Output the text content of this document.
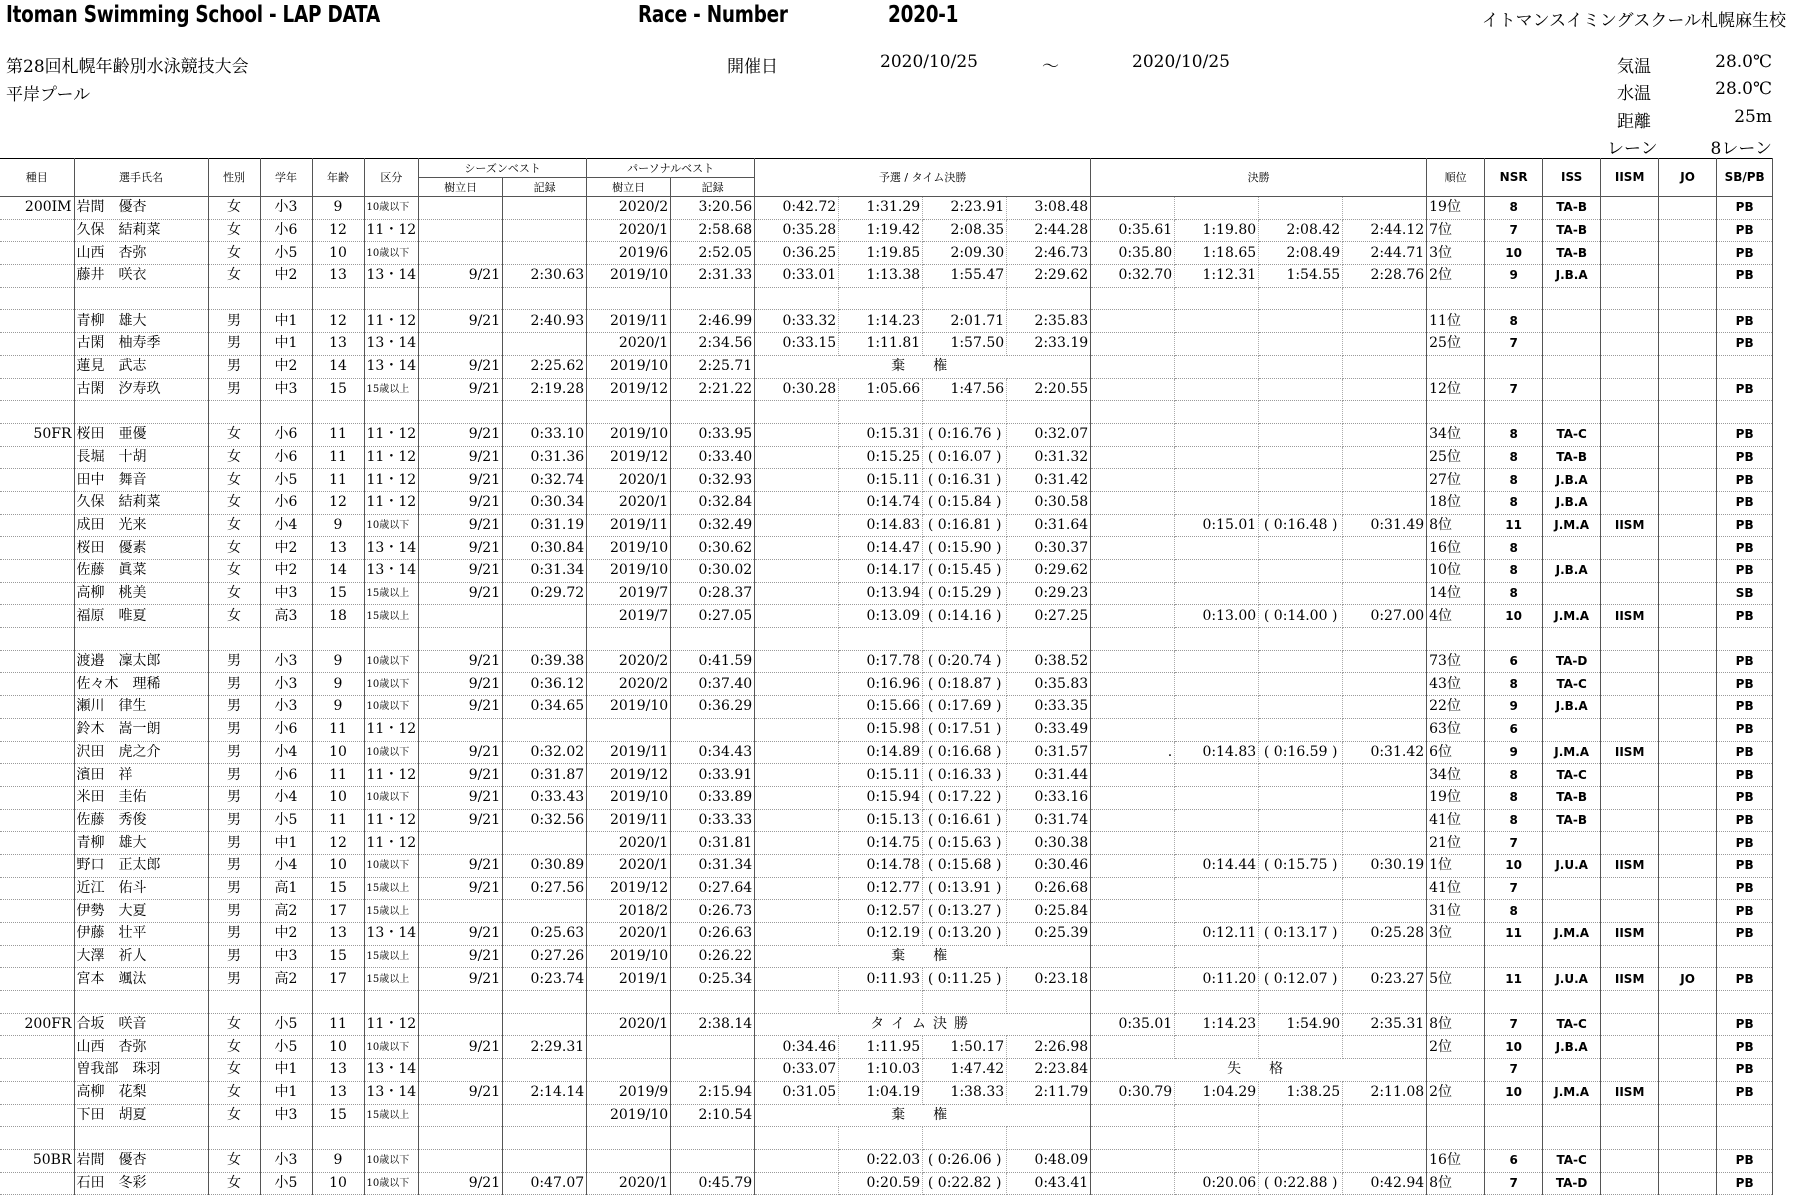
Itoman Swimming School - LAP DATA	Race - Number	2020-1	イトマンスイミングスクール札幌麻生校
第28回札幌年齢別水泳競技大会
平岸プール
開催日	2020/10/25	～	2020/10/25	気温	28.0℃
水温	28.0℃
距離	25m
レーン	8レーン
種目	選手氏名	性別	学年	年齢	区分	シーズンベスト		パーソナルベスト		予選 / タイム決勝				決勝				順位	NSR	ISS	IISM	JO	SB/PB
						樹立日	記録	樹立日	記録														
200IM	岩間　優杏	女	小3	9	10歳以下			2020/2	3:20.56	0:42.72	1:31.29	2:23.91	3:08.48					19位	8	TA-B			PB
	久保　結莉菜	女	小6	12	11・12			2020/1	2:58.68	0:35.28	1:19.42	2:08.35	2:44.28	0:35.61	1:19.80	2:08.42	2:44.12	7位	7	TA-B			PB
	山西　杏弥	女	小5	10	10歳以下			2019/6	2:52.05	0:36.25	1:19.85	2:09.30	2:46.73	0:35.80	1:18.65	2:08.49	2:44.71	3位	10	TA-B			PB
	藤井　咲衣	女	中2	13	13・14	9/21	2:30.63	2019/10	2:31.33	0:33.01	1:13.38	1:55.47	2:29.62	0:32.70	1:12.31	1:54.55	2:28.76	2位	9	J.B.A			PB

	青柳　雄大	男	中1	12	11・12	9/21	2:40.93	2019/11	2:46.99	0:33.32	1:14.23	2:01.71	2:35.83					11位	8				PB
	古閑　柚寿季	男	中1	13	13・14			2020/1	2:34.56	0:33.15	1:11.81	1:57.50	2:33.19					25位	7				PB
	蓮見　武志	男	中2	14	13・14	9/21	2:25.62	2019/10	2:25.71	棄　権													
	古閑　汐寿玖	男	中3	15	15歳以上	9/21	2:19.28	2019/12	2:21.22	0:30.28	1:05.66	1:47.56	2:20.55					12位	7				PB

50FR	桜田　亜優	女	小6	11	11・12	9/21	0:33.10	2019/10	0:33.95		0:15.31	( 0:16.76 )	0:32.07					34位	8	TA-C			PB
	長堀　十胡	女	小6	11	11・12	9/21	0:31.36	2019/12	0:33.40		0:15.25	( 0:16.07 )	0:31.32					25位	8	TA-B			PB
	田中　舞音	女	小5	11	11・12	9/21	0:32.74	2020/1	0:32.93		0:15.11	( 0:16.31 )	0:31.42					27位	8	J.B.A			PB
	久保　結莉菜	女	小6	12	11・12	9/21	0:30.34	2020/1	0:32.84		0:14.74	( 0:15.84 )	0:30.58					18位	8	J.B.A			PB
	成田　光来	女	小4	9	10歳以下	9/21	0:31.19	2019/11	0:32.49		0:14.83	( 0:16.81 )	0:31.64		0:15.01	( 0:16.48 )	0:31.49	8位	11	J.M.A	IISM		PB
	桜田　優素	女	中2	13	13・14	9/21	0:30.84	2019/10	0:30.62		0:14.47	( 0:15.90 )	0:30.37					16位	8				PB
	佐藤　眞菜	女	中2	14	13・14	9/21	0:31.34	2019/10	0:30.02		0:14.17	( 0:15.45 )	0:29.62					10位	8	J.B.A			PB
	高柳　桃美	女	中3	15	15歳以上	9/21	0:29.72	2019/7	0:28.37		0:13.94	( 0:15.29 )	0:29.23					14位	8				SB
	福原　唯夏	女	高3	18	15歳以上			2019/7	0:27.05		0:13.09	( 0:14.16 )	0:27.25		0:13.00	( 0:14.00 )	0:27.00	4位	10	J.M.A	IISM		PB

	渡邉　凜太郎	男	小3	9	10歳以下	9/21	0:39.38	2020/2	0:41.59		0:17.78	( 0:20.74 )	0:38.52					73位	6	TA-D			PB
	佐々木　理稀	男	小3	9	10歳以下	9/21	0:36.12	2020/2	0:37.40		0:16.96	( 0:18.87 )	0:35.83					43位	8	TA-C			PB
	瀬川　律生	男	小3	9	10歳以下	9/21	0:34.65	2019/10	0:36.29		0:15.66	( 0:17.69 )	0:33.35					22位	9	J.B.A			PB
	鈴木　嵩一朗	男	小6	11	11・12						0:15.98	( 0:17.51 )	0:33.49					63位	6				PB
	沢田　虎之介	男	小4	10	10歳以下	9/21	0:32.02	2019/11	0:34.43		0:14.89	( 0:16.68 )	0:31.57	.	0:14.83	( 0:16.59 )	0:31.42	6位	9	J.M.A	IISM		PB
	濱田　祥	男	小6	11	11・12	9/21	0:31.87	2019/12	0:33.91		0:15.11	( 0:16.33 )	0:31.44					34位	8	TA-C			PB
	米田　圭佑	男	小4	10	10歳以下	9/21	0:33.43	2019/10	0:33.89		0:15.94	( 0:17.22 )	0:33.16					19位	8	TA-B			PB
	佐藤　秀俊	男	小5	11	11・12	9/21	0:32.56	2019/11	0:33.33		0:15.13	( 0:16.61 )	0:31.74					41位	8	TA-B			PB
	青柳　雄大	男	中1	12	11・12			2020/1	0:31.81		0:14.75	( 0:15.63 )	0:30.38					21位	7				PB
	野口　正太郎	男	小4	10	10歳以下	9/21	0:30.89	2020/1	0:31.34		0:14.78	( 0:15.68 )	0:30.46		0:14.44	( 0:15.75 )	0:30.19	1位	10	J.U.A	IISM		PB
	近江　佑斗	男	高1	15	15歳以上	9/21	0:27.56	2019/12	0:27.64		0:12.77	( 0:13.91 )	0:26.68					41位	7				PB
	伊勢　大夏	男	高2	17	15歳以上			2018/2	0:26.73		0:12.57	( 0:13.27 )	0:25.84					31位	8				PB
	伊藤　壮平	男	中2	13	13・14	9/21	0:25.63	2020/1	0:26.63		0:12.19	( 0:13.20 )	0:25.39		0:12.11	( 0:13.17 )	0:25.28	3位	11	J.M.A	IISM		PB
	大澤　祈人	男	中3	15	15歳以上	9/21	0:27.26	2019/10	0:26.22	棄　権													
	宮本　颯汰	男	高2	17	15歳以上	9/21	0:23.74	2019/1	0:25.34		0:11.93	( 0:11.25 )	0:23.18		0:11.20	( 0:12.07 )	0:23.27	5位	11	J.U.A	IISM	JO	PB

200FR	合坂　咲音	女	小5	11	11・12			2020/1	2:38.14	タイム決勝				0:35.01	1:14.23	1:54.90	2:35.31	8位	7	TA-C			PB
	山西　杏弥	女	小5	10	10歳以下	9/21	2:29.31			0:34.46	1:11.95	1:50.17	2:26.98					2位	10	J.B.A			PB
	曽我部　珠羽	女	中1	13	13・14					0:33.07	1:10.03	1:47.42	2:23.84	失　格					7				PB
	高柳　花梨	女	中1	13	13・14	9/21	2:14.14	2019/9	2:15.94	0:31.05	1:04.19	1:38.33	2:11.79	0:30.79	1:04.29	1:38.25	2:11.08	2位	10	J.M.A	IISM		PB
	下田　胡夏	女	中3	15	15歳以上			2019/10	2:10.54	棄　権													

50BR	岩間　優杏	女	小3	9	10歳以下						0:22.03	( 0:26.06 )	0:48.09					16位	6	TA-C			PB
	石田　冬彩	女	小5	10	10歳以下	9/21	0:47.07	2020/1	0:45.79		0:20.59	( 0:22.82 )	0:43.41		0:20.06	( 0:22.88 )	0:42.94	8位	7	TA-D			PB
